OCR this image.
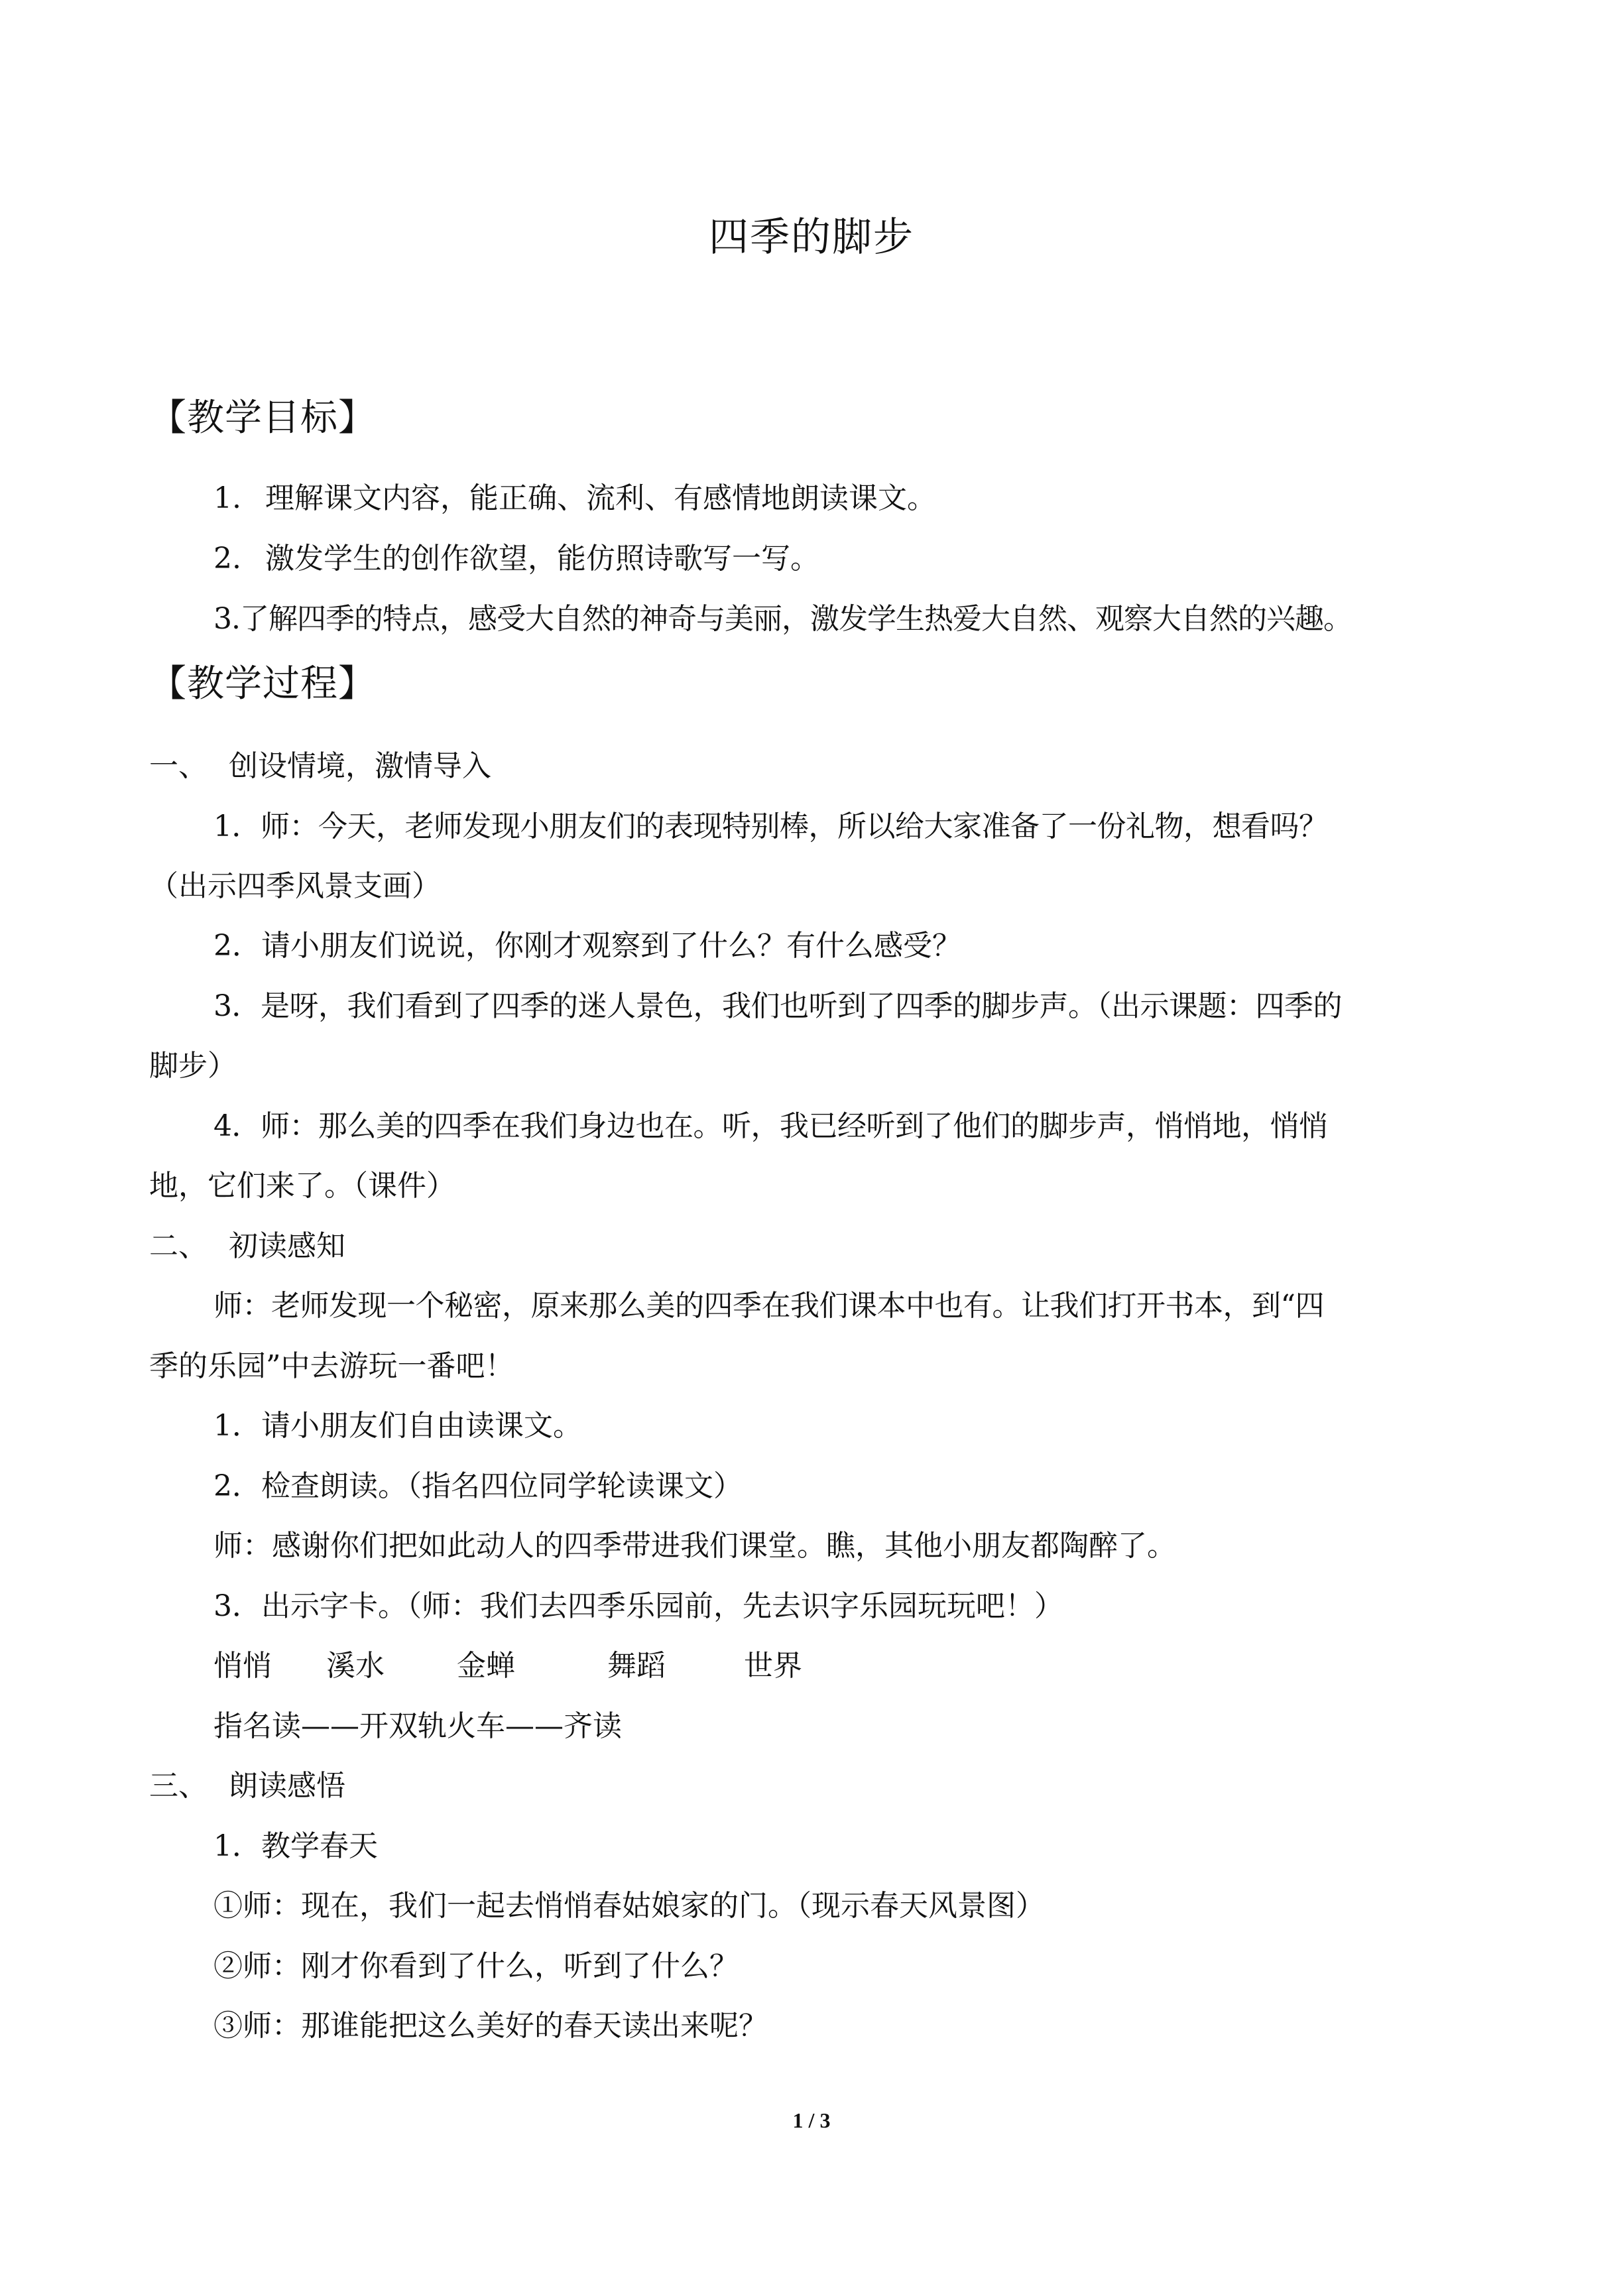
四季的脚步
【教学目标】
1. 理解课文内容，能正确、流利、有感情地朗读课文。
2. 激发学生的创作欲望，能仿照诗歌写一写。
3.了解四季的特点，感受大自然的神奇与美丽，激发学生热爱大自然、观察大自然的兴趣。
【教学过程】
一、 创设情境，激情导入
1．师：今天，老师发现小朋友们的表现特别棒，所以给大家准备了一份礼物，想看吗？
（出示四季风景支画）
2．请小朋友们说说，你刚才观察到了什么？有什么感受？
3．是呀，我们看到了四季的迷人景色，我们也听到了四季的脚步声。（出示课题：四季的
脚步）
4．师：那么美的四季在我们身边也在。听，我已经听到了他们的脚步声，悄悄地，悄悄
地，它们来了。（课件）
二、 初读感知
师：老师发现一个秘密，原来那么美的四季在我们课本中也有。让我们打开书本，到“四
季的乐园”中去游玩一番吧！
1．请小朋友们自由读课文。
2．检查朗读。（指名四位同学轮读课文）
师：感谢你们把如此动人的四季带进我们课堂。瞧，其他小朋友都陶醉了。
3．出示字卡。（师：我们去四季乐园前，先去识字乐园玩玩吧！）
悄悄 溪水 金蝉	舞蹈	世界
指名读——开双轨火车——齐读
三、 朗读感悟
1．教学春天
①师：现在，我们一起去悄悄春姑娘家的门。（现示春天风景图）
②师：刚才你看到了什么，听到了什么？
③师：那谁能把这么美好的春天读出来呢？
1 / 3
